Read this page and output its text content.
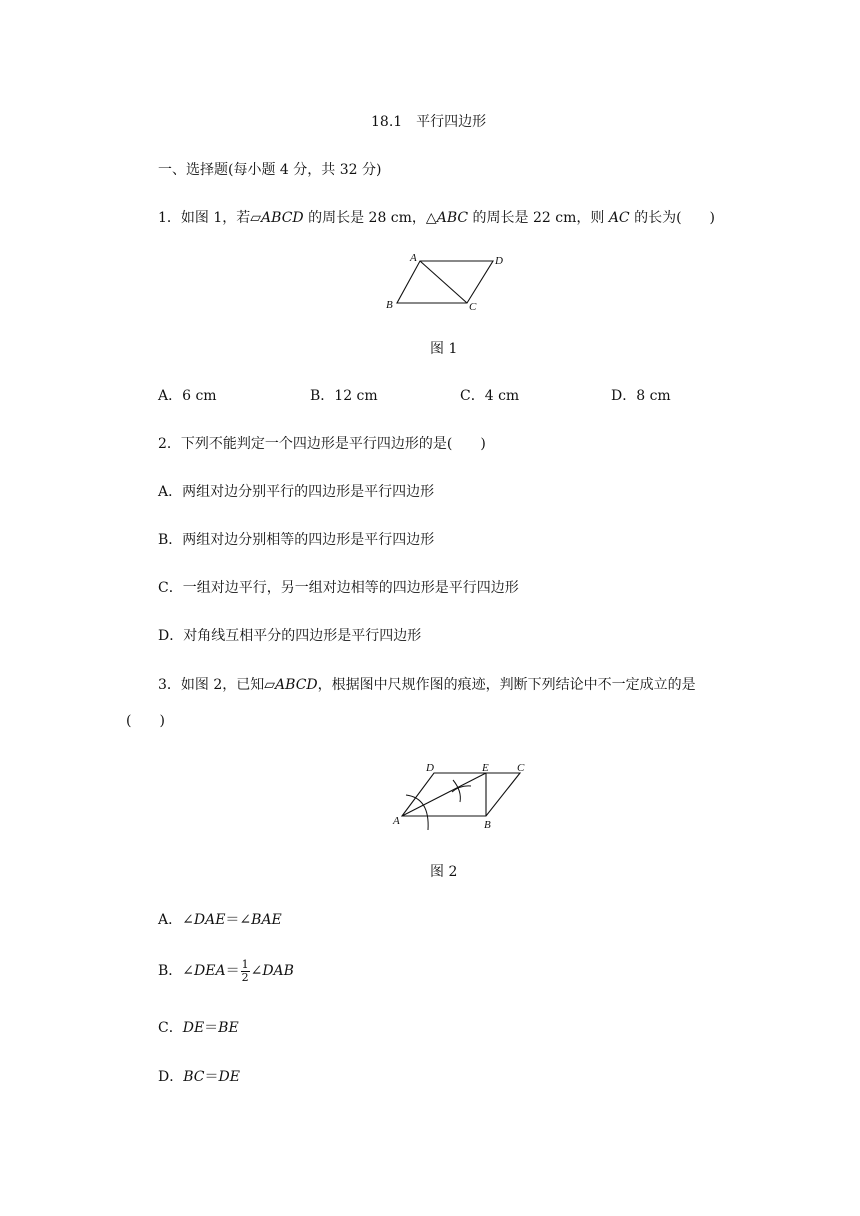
18.1　平行四边形
一、选择题(每小题 4 分，共 32 分)
1．如图 1，若▱ABCD 的周长是 28 cm，△ABC 的周长是 22 cm，则 AC 的长为(　　)
A	D
B	C
图 1
A．6 cm	B．12 cm	C．4 cm	D．8 cm
2．下列不能判定一个四边形是平行四边形的是(　　)
A．两组对边分别平行的四边形是平行四边形
B．两组对边分别相等的四边形是平行四边形
C．一组对边平行，另一组对边相等的四边形是平行四边形
D．对角线互相平分的四边形是平行四边形
3．如图 2，已知▱ABCD，根据图中尺规作图的痕迹，判断下列结论中不一定成立的是
(　　)
D	E	C
A	B
图 2
A．∠DAE＝∠BAE
B．∠DEA＝ $\frac{1}{2}$ ∠DAB
C．DE＝BE
D．BC＝DE
